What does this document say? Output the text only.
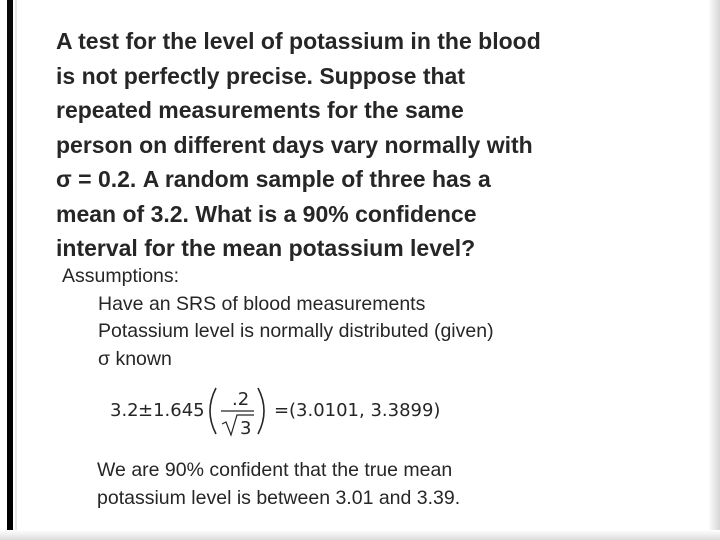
A test for the level of potassium in the blood
is not perfectly precise. Suppose that
repeated measurements for the same
person on different days vary normally with
σ = 0.2. A random sample of three has a
mean of 3.2. What is a 90% confidence
interval for the mean potassium level?
Assumptions:
Have an SRS of blood measurements
Potassium level is normally distributed (given)
σ known
3.2 ±1.645
.2
3
= (3.0101, 3.3899)
We are 90% confident that the true mean
potassium level is between 3.01 and 3.39.
